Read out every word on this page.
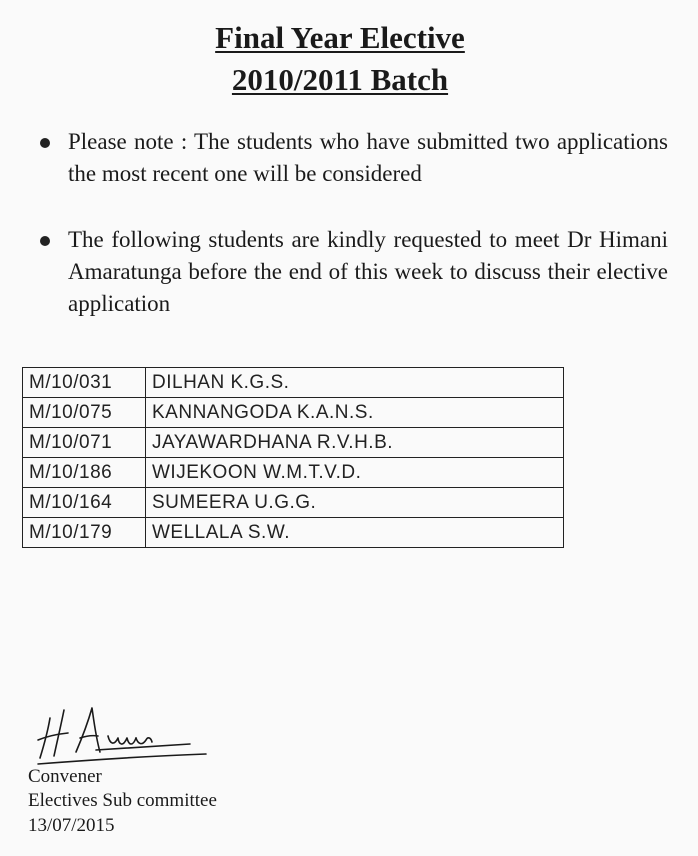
Final Year Elective
2010/2011 Batch
Please note : The students who have submitted two applications the most recent one will be considered
The following students are kindly requested to meet Dr Himani Amaratunga before the end of this week to discuss their elective application
M/10/031	DILHAN K.G.S.
M/10/075	KANNANGODA K.A.N.S.
M/10/071	JAYAWARDHANA R.V.H.B.
M/10/186	WIJEKOON W.M.T.V.D.
M/10/164	SUMEERA U.G.G.
M/10/179	WELLALA S.W.
Convener
Electives Sub committee
13/07/2015
